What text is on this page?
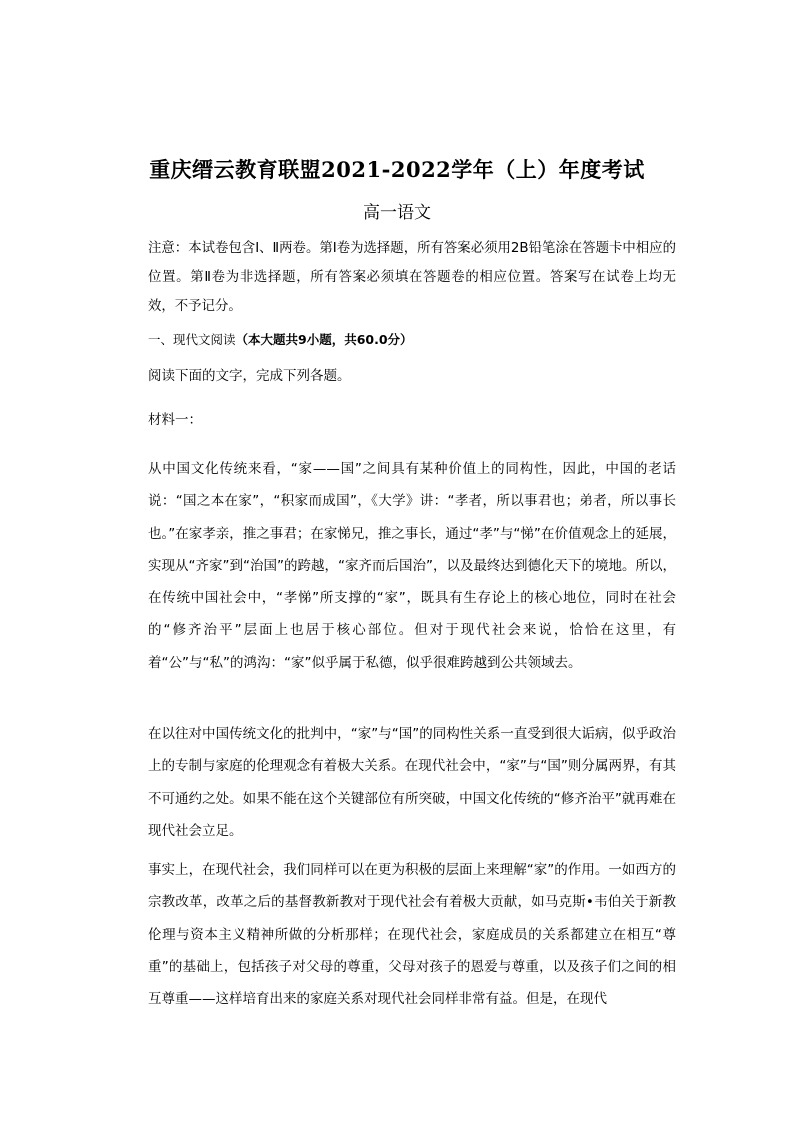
重庆缙云教育联盟2021-2022学年（上）年度考试
高一语文

注意：本试卷包含Ⅰ、Ⅱ两卷。第Ⅰ卷为选择题，所有答案必须用2B铅笔涂在答题卡中相应的位置。第Ⅱ卷为非选择题，所有答案必须填在答题卷的相应位置。答案写在试卷上均无效，不予记分。

一、现代文阅读（本大题共9小题，共60.0分）

阅读下面的文字，完成下列各题。

材料一：

从中国文化传统来看，“家——国”之间具有某种价值上的同构性，因此，中国的老话说：“国之本在家”，“积家而成国”，《大学》讲：“孝者，所以事君也；弟者，所以事长也。”在家孝亲，推之事君；在家悌兄，推之事长，通过“孝”与“悌”在价值观念上的延展，实现从“齐家”到“治国”的跨越，“家齐而后国治”，以及最终达到德化天下的境地。所以，在传统中国社会中，“孝悌”所支撑的“家”，既具有生存论上的核心地位，同时在社会的“修齐治平”层面上也居于核心部位。但对于现代社会来说，恰恰在这里，有着“公”与“私”的鸿沟：“家”似乎属于私德，似乎很难跨越到公共领域去。

在以往对中国传统文化的批判中，“家”与“国”的同构性关系一直受到很大诟病，似乎政治上的专制与家庭的伦理观念有着极大关系。在现代社会中，“家”与“国”则分属两界，有其不可通约之处。如果不能在这个关键部位有所突破，中国文化传统的“修齐治平”就再难在现代社会立足。

事实上，在现代社会，我们同样可以在更为积极的层面上来理解“家”的作用。一如西方的宗教改革，改革之后的基督教新教对于现代社会有着极大贡献，如马克斯•韦伯关于新教伦理与资本主义精神所做的分析那样；在现代社会，家庭成员的关系都建立在相互“尊重”的基础上，包括孩子对父母的尊重，父母对孩子的恩爱与尊重，以及孩子们之间的相互尊重——这样培育出来的家庭关系对现代社会同样非常有益。但是，在现代
